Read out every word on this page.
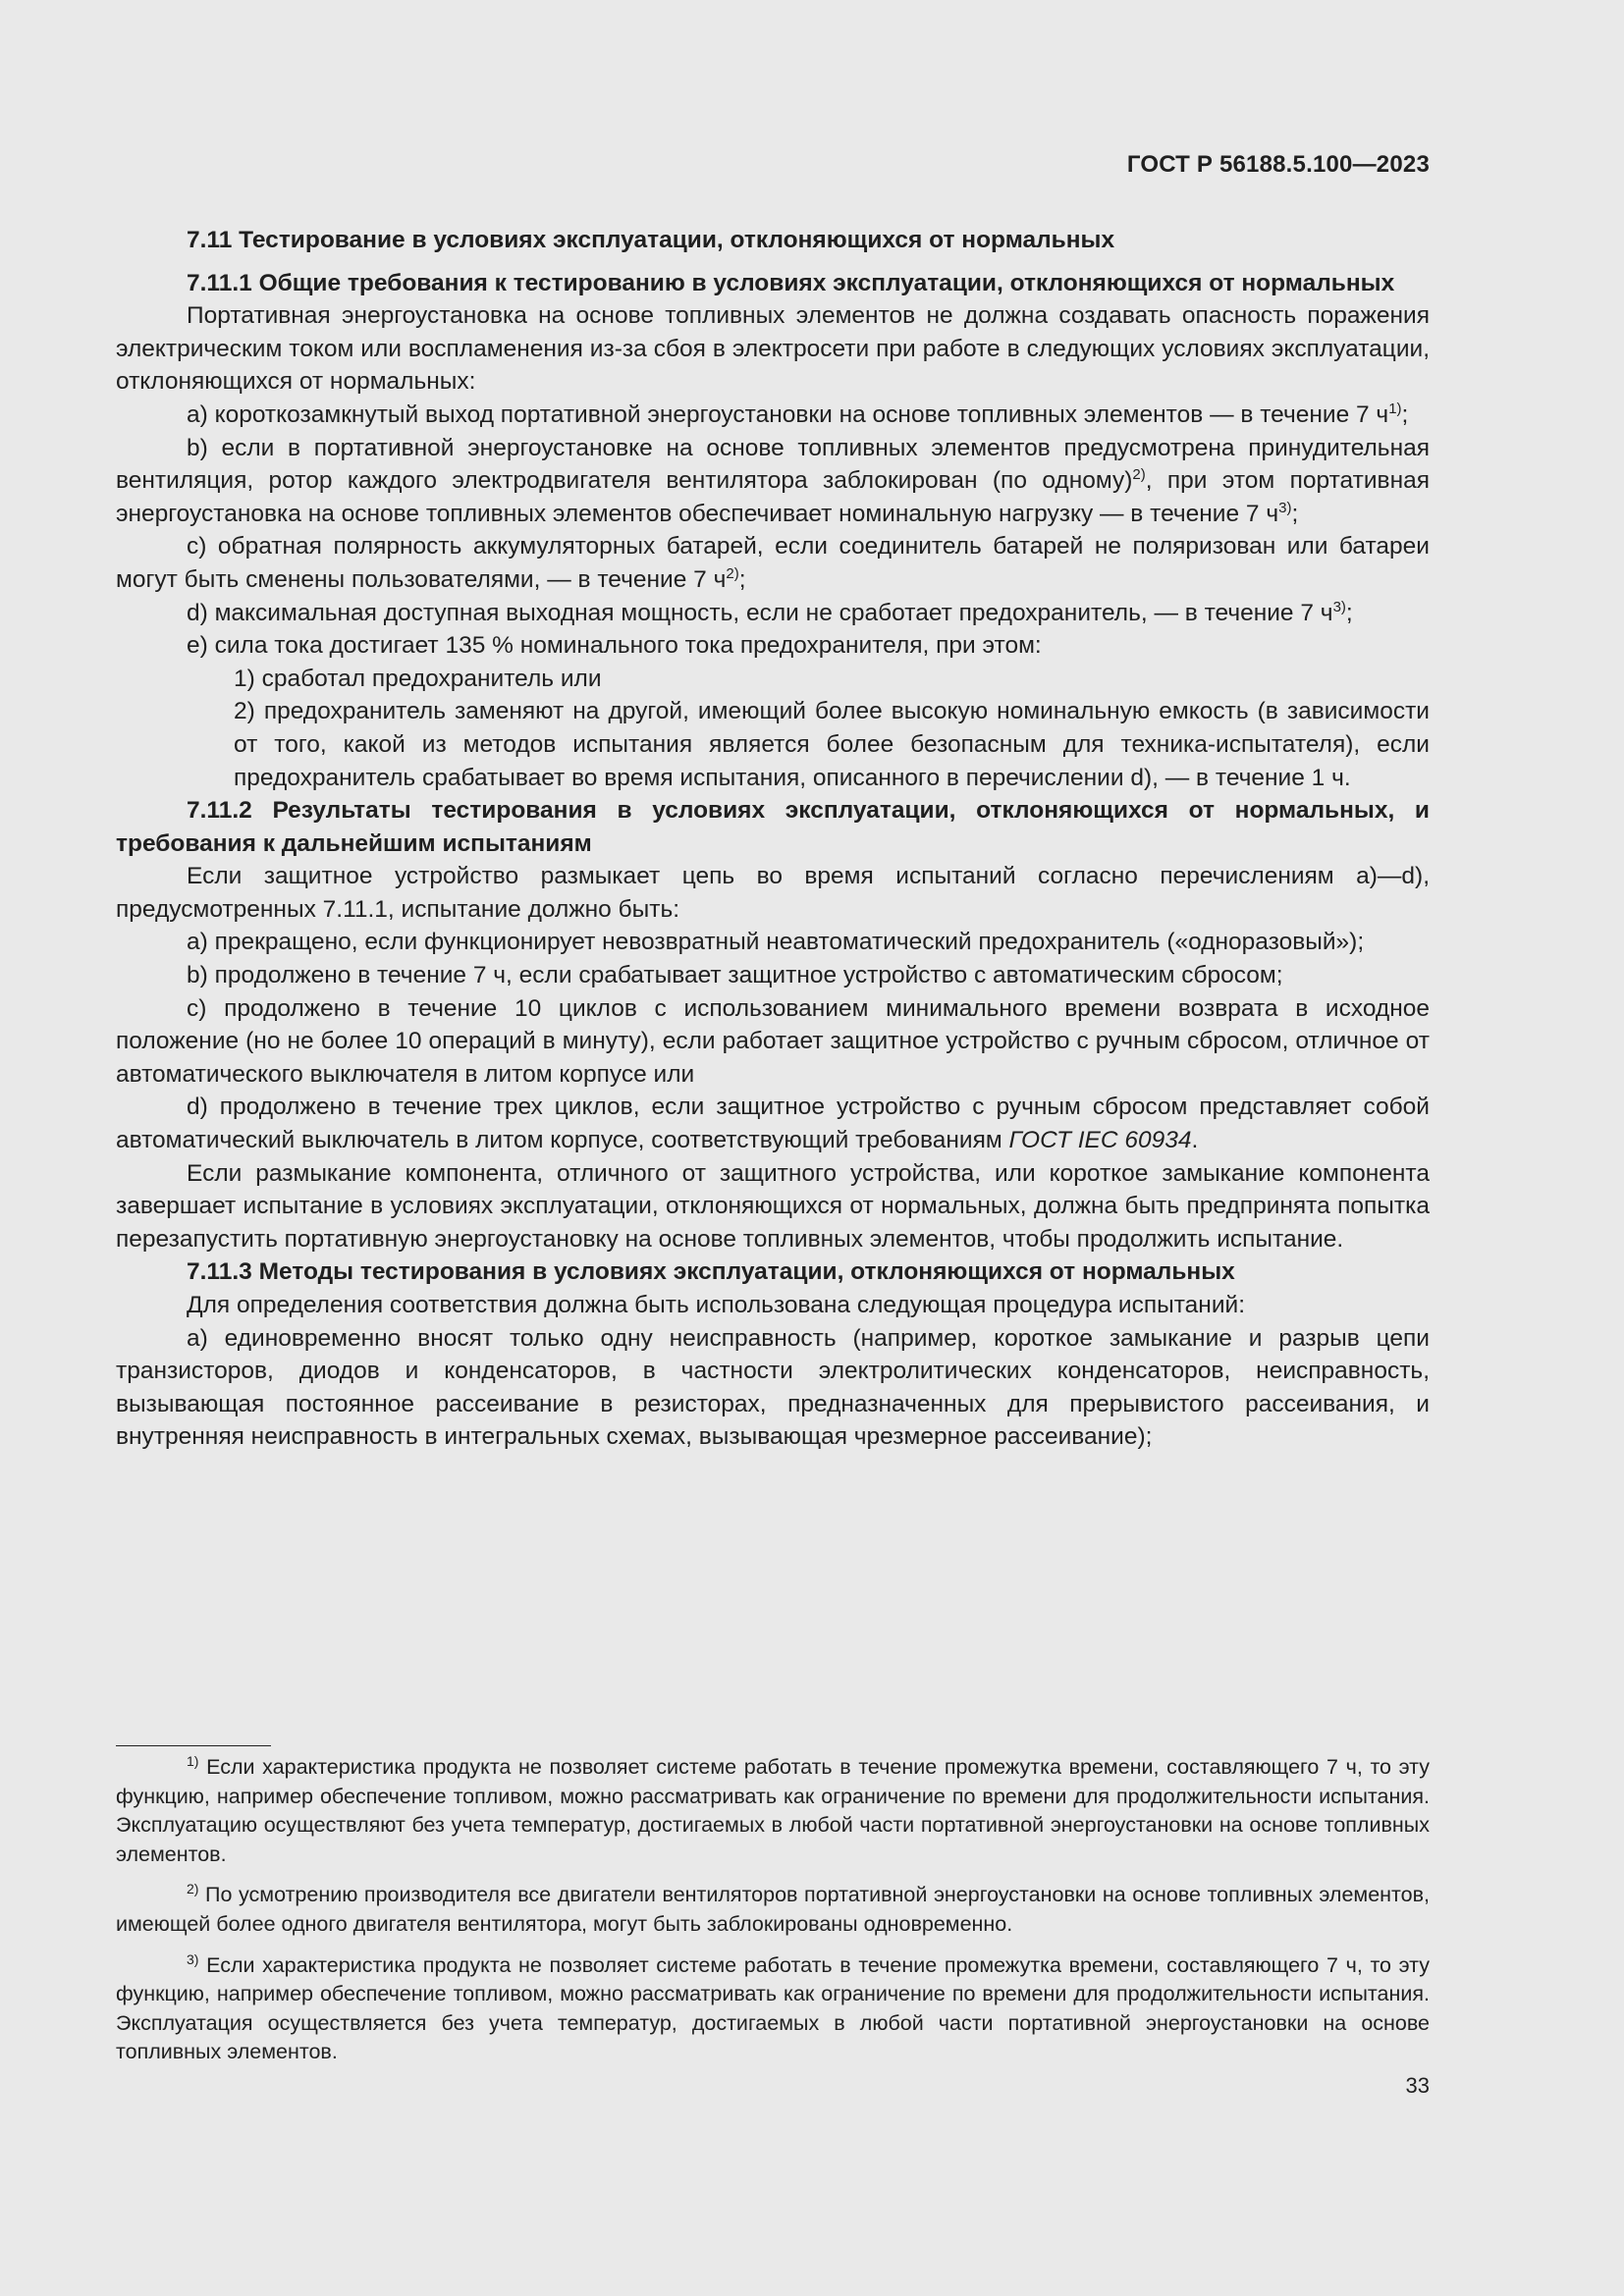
ГОСТ Р 56188.5.100—2023

7.11 Тестирование в условиях эксплуатации, отклоняющихся от нормальных

7.11.1 Общие требования к тестированию в условиях эксплуатации, отклоняющихся от нормальных

Портативная энергоустановка на основе топливных элементов не должна создавать опасность поражения электрическим током или воспламенения из-за сбоя в электросети при работе в следующих условиях эксплуатации, отклоняющихся от нормальных:

а) короткозамкнутый выход портативной энергоустановки на основе топливных элементов — в течение 7 $ч^{1)}$;

b) если в портативной энергоустановке на основе топливных элементов предусмотрена принудительная вентиляция, ротор каждого электродвигателя вентилятора заблокирован (по одному)$^{2)}$, при этом портативная энергоустановка на основе топливных элементов обеспечивает номинальную нагрузку — в течение 7 $ч^{3)}$;

с) обратная полярность аккумуляторных батарей, если соединитель батарей не поляризован или батареи могут быть сменены пользователями, — в течение 7 $ч^{2)}$;

d) максимальная доступная выходная мощность, если не сработает предохранитель, — в течение 7 $ч^{3)}$;

е) сила тока достигает 135 % номинального тока предохранителя, при этом:

1) сработал предохранитель или

2) предохранитель заменяют на другой, имеющий более высокую номинальную емкость (в зависимости от того, какой из методов испытания является более безопасным для техника-испытателя), если предохранитель срабатывает во время испытания, описанного в перечислении d), — в течение 1 ч.

7.11.2 Результаты тестирования в условиях эксплуатации, отклоняющихся от нормальных, и требования к дальнейшим испытаниям

Если защитное устройство размыкает цепь во время испытаний согласно перечислениям а)—d), предусмотренных 7.11.1, испытание должно быть:

а) прекращено, если функционирует невозвратный неавтоматический предохранитель («одноразовый»);

b) продолжено в течение 7 ч, если срабатывает защитное устройство с автоматическим сбросом;

с) продолжено в течение 10 циклов с использованием минимального времени возврата в исходное положение (но не более 10 операций в минуту), если работает защитное устройство с ручным сбросом, отличное от автоматического выключателя в литом корпусе или

d) продолжено в течение трех циклов, если защитное устройство с ручным сбросом представляет собой автоматический выключатель в литом корпусе, соответствующий требованиям ГОСТ IEC 60934.

Если размыкание компонента, отличного от защитного устройства, или короткое замыкание компонента завершает испытание в условиях эксплуатации, отклоняющихся от нормальных, должна быть предпринята попытка перезапустить портативную энергоустановку на основе топливных элементов, чтобы продолжить испытание.

7.11.3 Методы тестирования в условиях эксплуатации, отклоняющихся от нормальных

Для определения соответствия должна быть использована следующая процедура испытаний:

а) единовременно вносят только одну неисправность (например, короткое замыкание и разрыв цепи транзисторов, диодов и конденсаторов, в частности электролитических конденсаторов, неисправность, вызывающая постоянное рассеивание в резисторах, предназначенных для прерывистого рассеивания, и внутренняя неисправность в интегральных схемах, вызывающая чрезмерное рассеивание);

$^{1)}$ Если характеристика продукта не позволяет системе работать в течение промежутка времени, составляющего 7 ч, то эту функцию, например обеспечение топливом, можно рассматривать как ограничение по времени для продолжительности испытания. Эксплуатацию осуществляют без учета температур, достигаемых в любой части портативной энергоустановки на основе топливных элементов.

$^{2)}$ По усмотрению производителя все двигатели вентиляторов портативной энергоустановки на основе топливных элементов, имеющей более одного двигателя вентилятора, могут быть заблокированы одновременно.

$^{3)}$ Если характеристика продукта не позволяет системе работать в течение промежутка времени, составляющего 7 ч, то эту функцию, например обеспечение топливом, можно рассматривать как ограничение по времени для продолжительности испытания. Эксплуатация осуществляется без учета температур, достигаемых в любой части портативной энергоустановки на основе топливных элементов.

33
